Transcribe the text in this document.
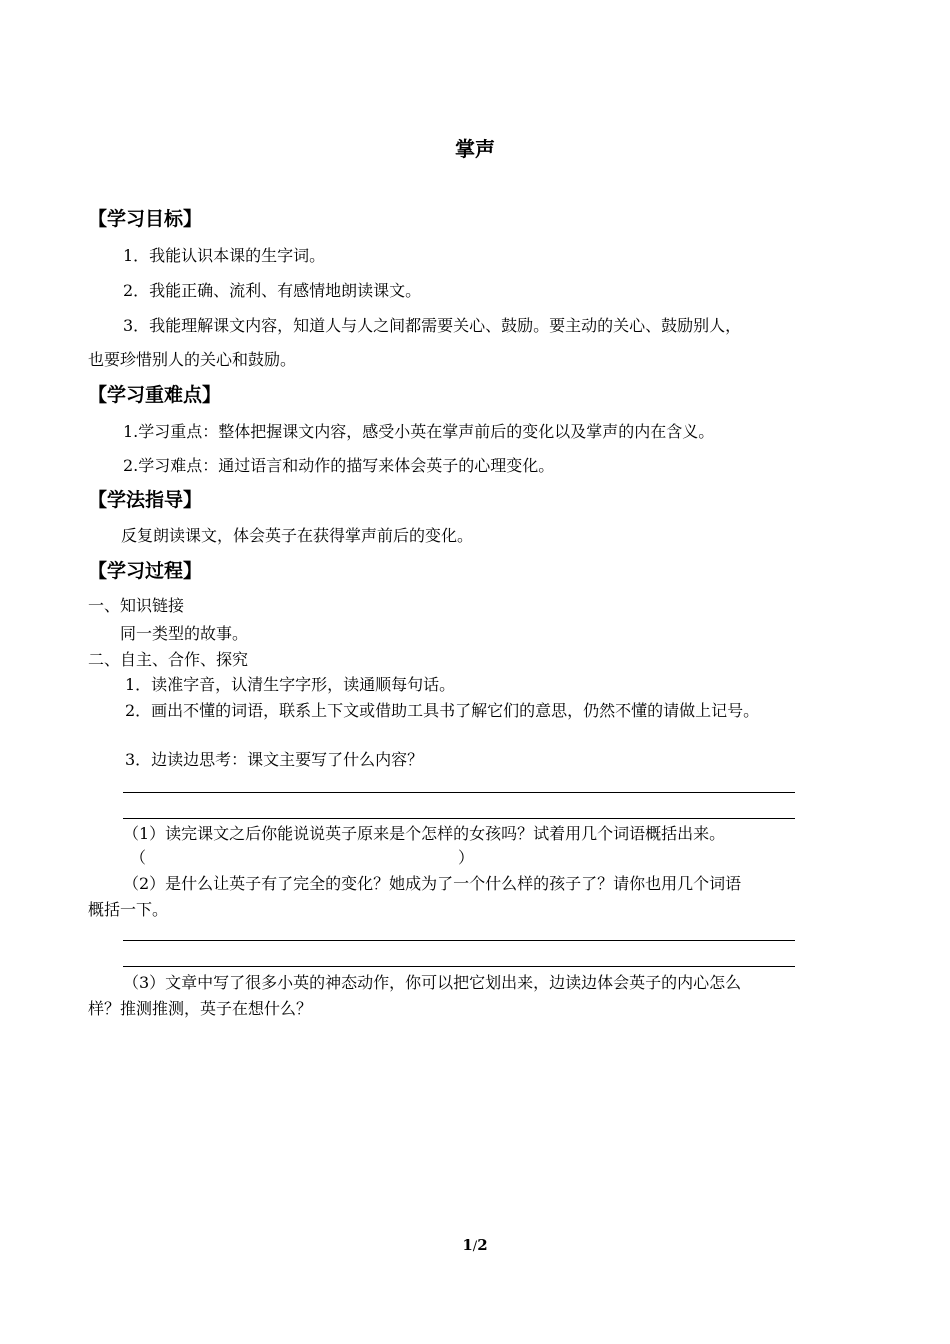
掌声
【学习目标】
1．我能认识本课的生字词。
2．我能正确、流利、有感情地朗读课文。
3．我能理解课文内容，知道人与人之间都需要关心、鼓励。要主动的关心、鼓励别人，
也要珍惜别人的关心和鼓励。
【学习重难点】
1.学习重点：整体把握课文内容，感受小英在掌声前后的变化以及掌声的内在含义。
2.学习难点：通过语言和动作的描写来体会英子的心理变化。
【学法指导】
反复朗读课文，体会英子在获得掌声前后的变化。
【学习过程】
一、知识链接
同一类型的故事。
二、自主、合作、探究
1．读准字音，认清生字字形，读通顺每句话。
2．画出不懂的词语，联系上下文或借助工具书了解它们的意思，仍然不懂的请做上记号。
3．边读边思考：课文主要写了什么内容？
（1）读完课文之后你能说说英子原来是个怎样的女孩吗？试着用几个词语概括出来。
（	）
（2）是什么让英子有了完全的变化？她成为了一个什么样的孩子了？请你也用几个词语
概括一下。
（3）文章中写了很多小英的神态动作，你可以把它划出来，边读边体会英子的内心怎么
样？推测推测，英子在想什么？
1/2
